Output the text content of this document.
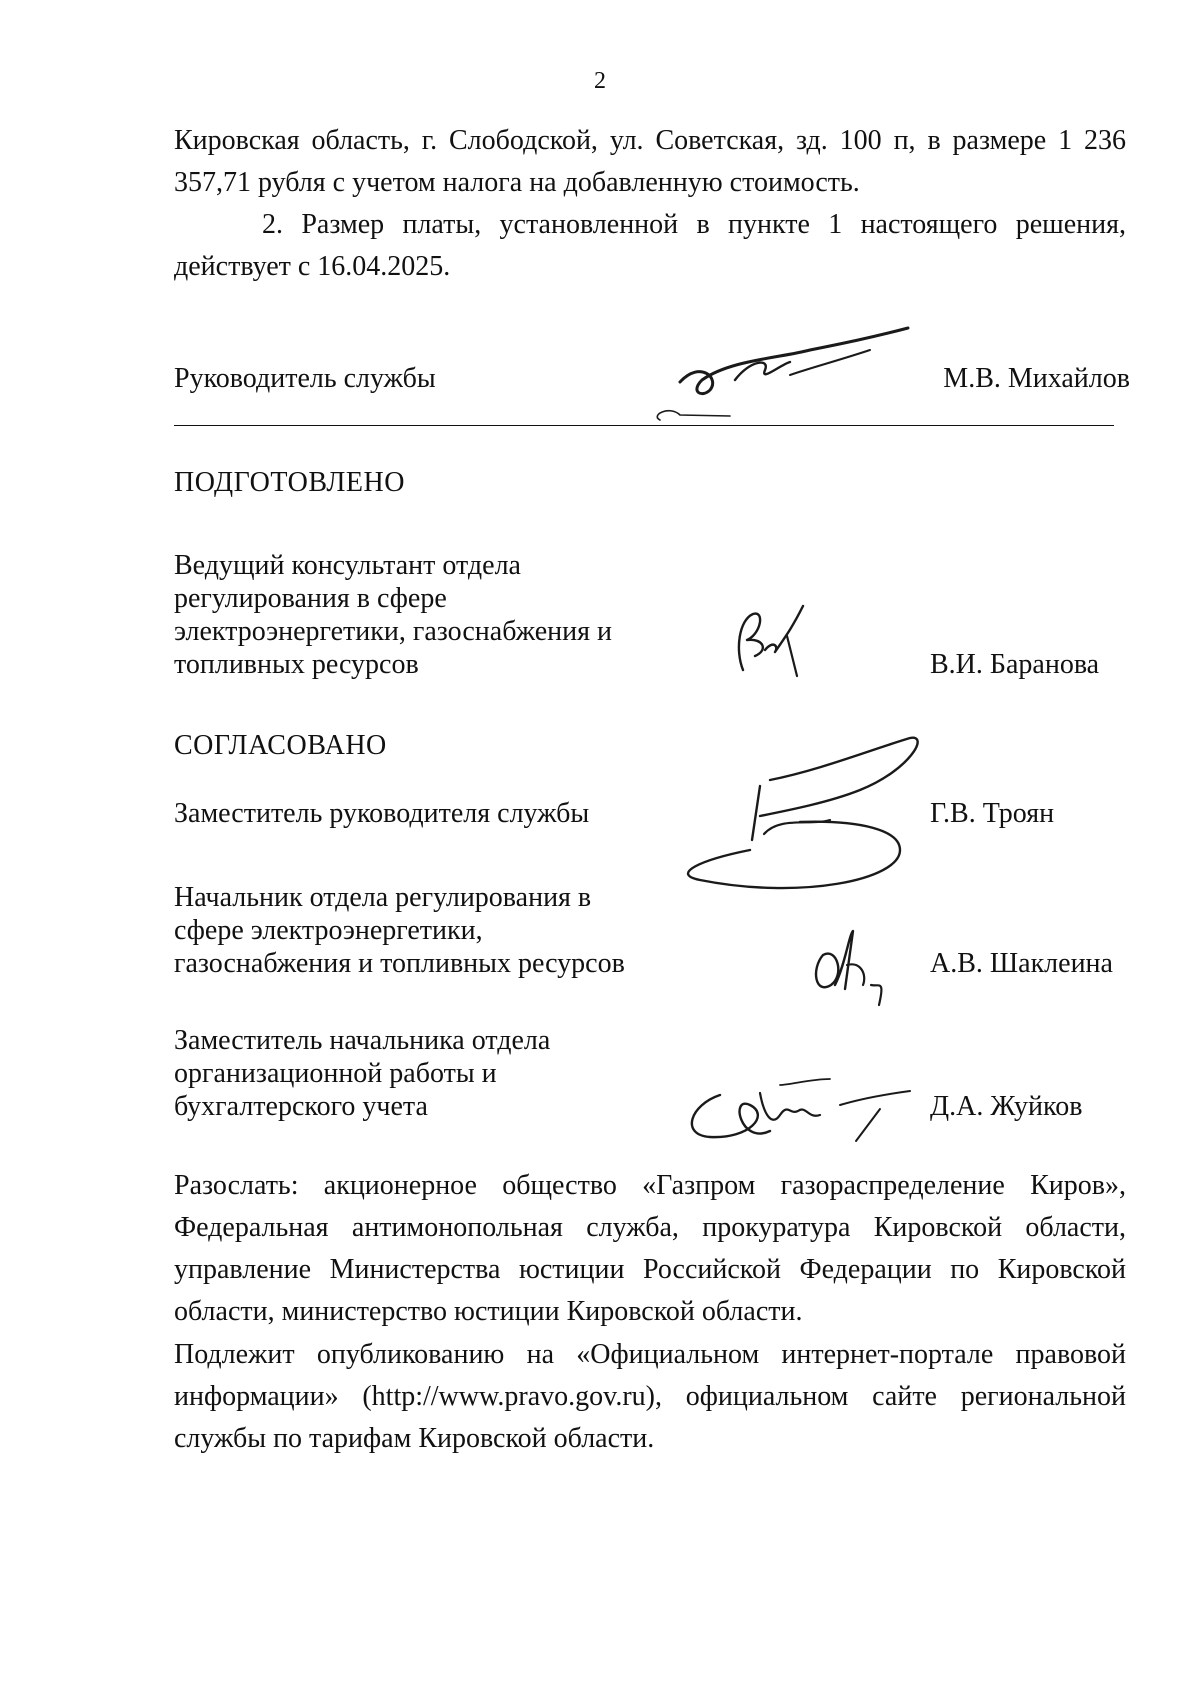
2
Кировская область, г. Слободской, ул. Советская, зд. 100 п, в размере 1 236 357,71 рубля с учетом налога на добавленную стоимость.
2. Размер платы, установленной в пункте 1 настоящего решения, действует с 16.04.2025.
Руководитель службы	М.В. Михайлов
ПОДГОТОВЛЕНО
Ведущий консультант отдела
регулирования в сфере
электроэнергетики, газоснабжения и
топливных ресурсов	В.И. Баранова
СОГЛАСОВАНО
Заместитель руководителя службы	Г.В. Троян
Начальник отдела регулирования в
сфере электроэнергетики,
газоснабжения и топливных ресурсов	А.В. Шаклеина
Заместитель начальника отдела
организационной работы и
бухгалтерского учета	Д.А. Жуйков
Разослать: акционерное общество «Газпром газораспределение Киров», Федеральная антимонопольная служба, прокуратура Кировской области, управление Министерства юстиции Российской Федерации по Кировской области, министерство юстиции Кировской области.
Подлежит опубликованию на «Официальном интернет-портале правовой информации» (http://www.pravo.gov.ru), официальном сайте региональной службы по тарифам Кировской области.
